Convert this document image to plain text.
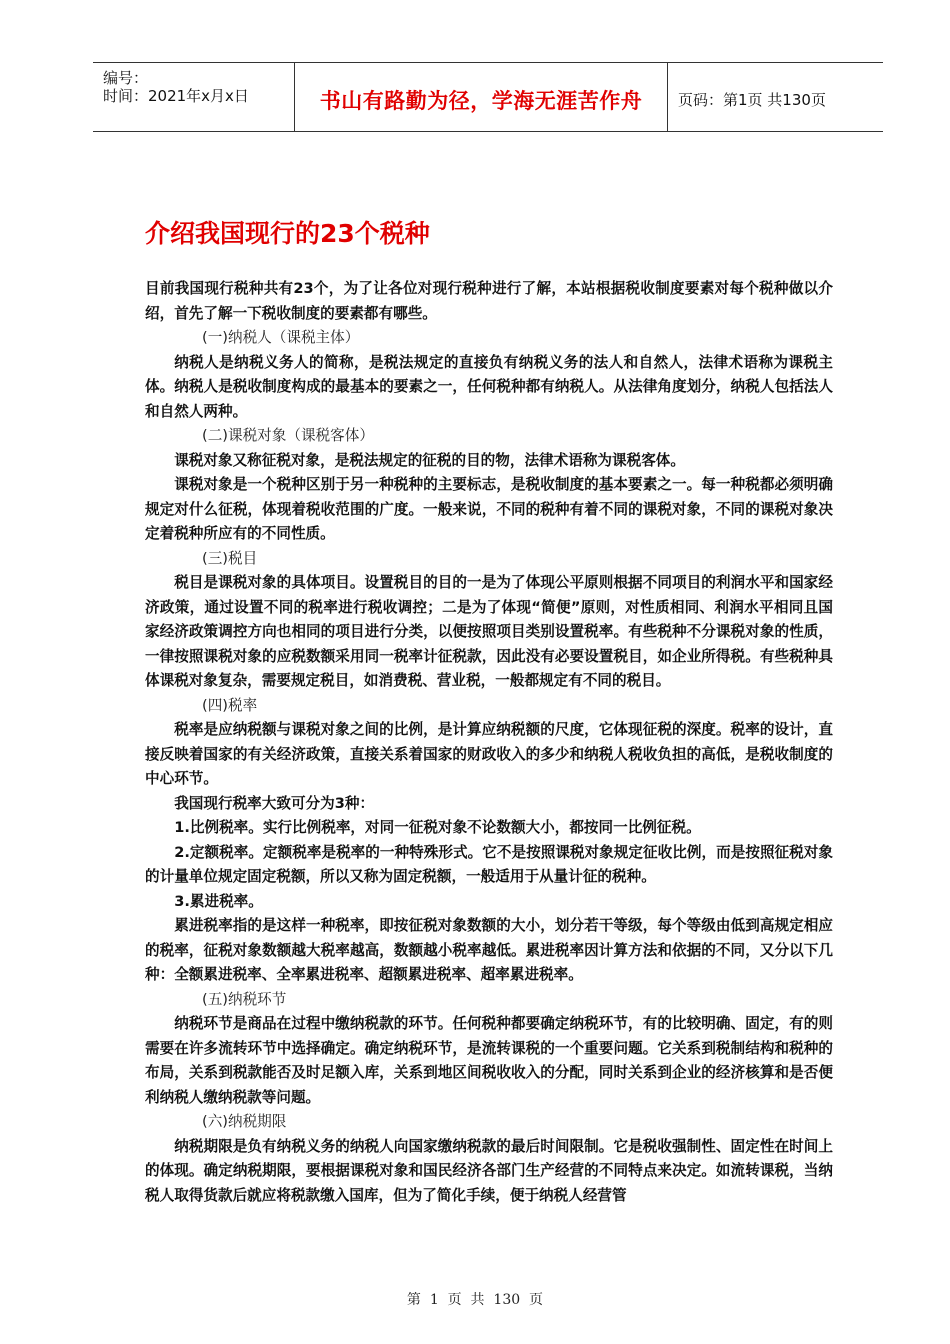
编号：
时间：2021年x月x日	书山有路勤为径，学海无涯苦作舟	页码：第1页 共130页
介绍我国现行的23个税种

目前我国现行税种共有23个，为了让各位对现行税种进行了解，本站根据税收制度要素对每个税种做以介绍，首先了解一下税收制度的要素都有哪些。

(一)纳税人（课税主体）

纳税人是纳税义务人的简称，是税法规定的直接负有纳税义务的法人和自然人，法律术语称为课税主体。纳税人是税收制度构成的最基本的要素之一，任何税种都有纳税人。从法律角度划分，纳税人包括法人和自然人两种。

(二)课税对象（课税客体）

课税对象又称征税对象，是税法规定的征税的目的物，法律术语称为课税客体。

课税对象是一个税种区别于另一种税种的主要标志，是税收制度的基本要素之一。每一种税都必须明确规定对什么征税，体现着税收范围的广度。一般来说，不同的税种有着不同的课税对象，不同的课税对象决定着税种所应有的不同性质。

(三)税目

税目是课税对象的具体项目。设置税目的目的一是为了体现公平原则根据不同项目的利润水平和国家经济政策，通过设置不同的税率进行税收调控；二是为了体现“简便”原则，对性质相同、利润水平相同且国家经济政策调控方向也相同的项目进行分类，以便按照项目类别设置税率。有些税种不分课税对象的性质，一律按照课税对象的应税数额采用同一税率计征税款，因此没有必要设置税目，如企业所得税。有些税种具体课税对象复杂，需要规定税目，如消费税、营业税，一般都规定有不同的税目。

(四)税率

税率是应纳税额与课税对象之间的比例，是计算应纳税额的尺度，它体现征税的深度。税率的设计，直接反映着国家的有关经济政策，直接关系着国家的财政收入的多少和纳税人税收负担的高低，是税收制度的中心环节。

我国现行税率大致可分为3种：

1.比例税率。实行比例税率，对同一征税对象不论数额大小，都按同一比例征税。

2.定额税率。定额税率是税率的一种特殊形式。它不是按照课税对象规定征收比例，而是按照征税对象的计量单位规定固定税额，所以又称为固定税额，一般适用于从量计征的税种。

3.累进税率。

累进税率指的是这样一种税率，即按征税对象数额的大小，划分若干等级，每个等级由低到高规定相应的税率，征税对象数额越大税率越高，数额越小税率越低。累进税率因计算方法和依据的不同，又分以下几种：全额累进税率、全率累进税率、超额累进税率、超率累进税率。

(五)纳税环节

纳税环节是商品在过程中缴纳税款的环节。任何税种都要确定纳税环节，有的比较明确、固定，有的则需要在许多流转环节中选择确定。确定纳税环节，是流转课税的一个重要问题。它关系到税制结构和税种的布局，关系到税款能否及时足额入库，关系到地区间税收收入的分配，同时关系到企业的经济核算和是否便利纳税人缴纳税款等问题。

(六)纳税期限

纳税期限是负有纳税义务的纳税人向国家缴纳税款的最后时间限制。它是税收强制性、固定性在时间上的体现。确定纳税期限，要根据课税对象和国民经济各部门生产经营的不同特点来决定。如流转课税，当纳税人取得货款后就应将税款缴入国库，但为了简化手续，便于纳税人经营管

第  1  页  共  130  页
